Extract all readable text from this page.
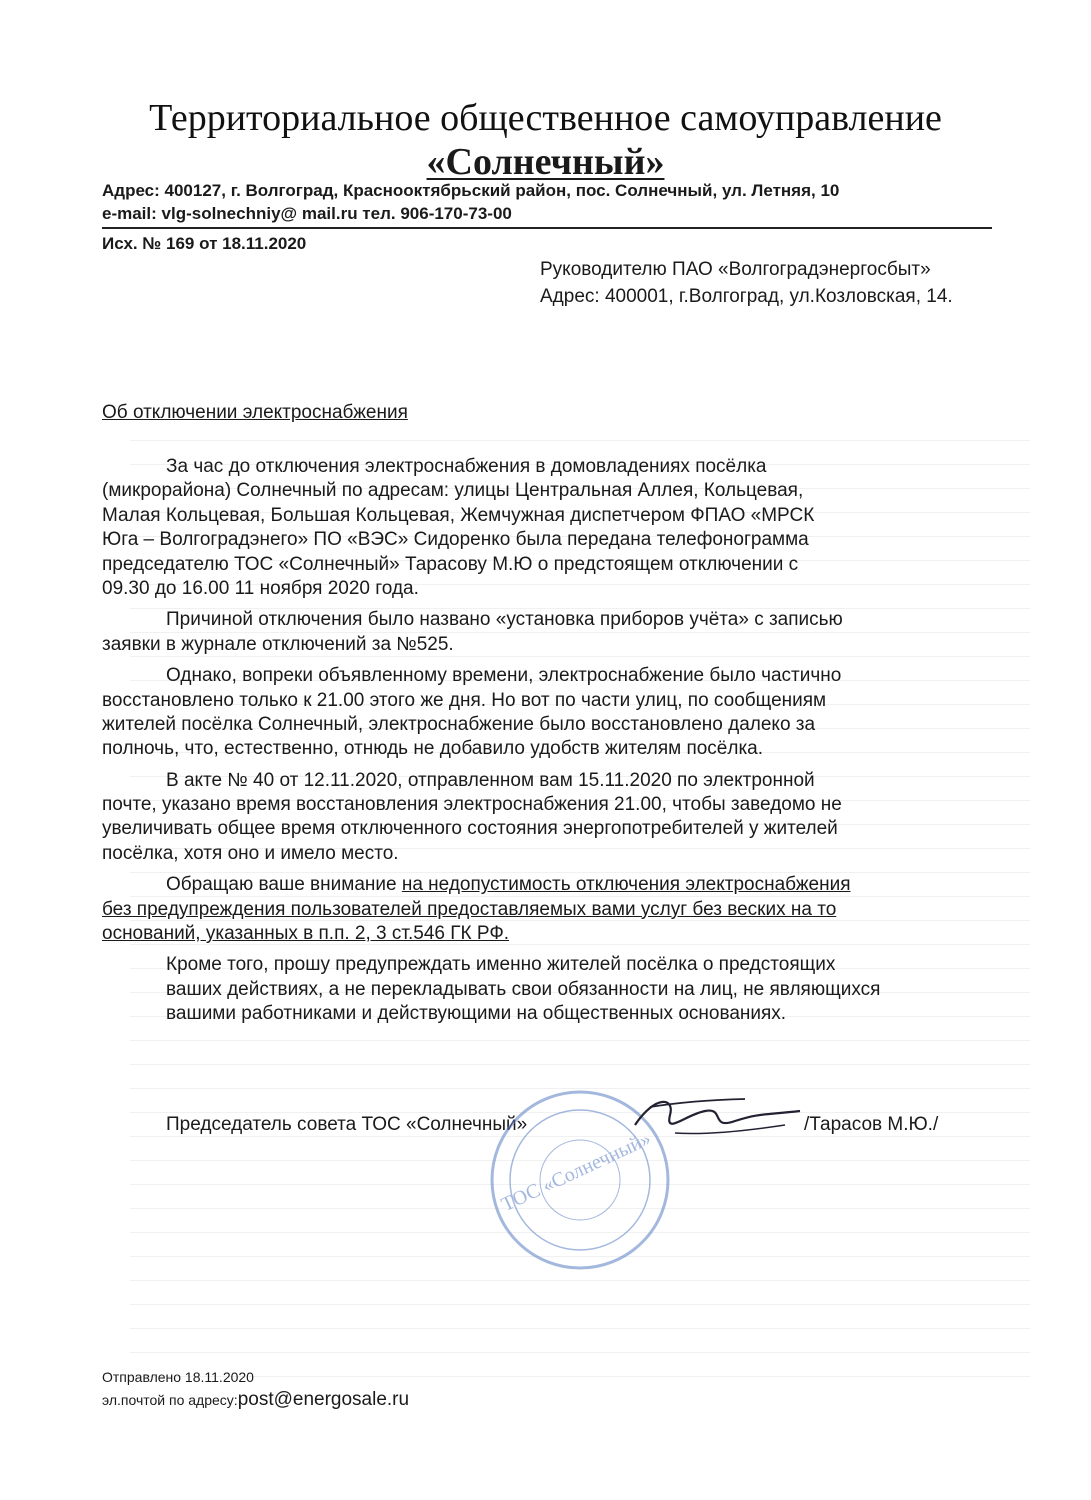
Территориальное общественное самоуправление
«Солнечный»
Адрес: 400127, г. Волгоград, Краснооктябрьский район, пос. Солнечный, ул. Летняя, 10
e-mail: vlg-solnechniy@ mail.ru тел. 906-170-73-00
Исх. № 169 от 18.11.2020
Руководителю ПАО «Волгоградэнергосбыт»
Адрес: 400001, г.Волгоград, ул.Козловская, 14.
Об отключении электроснабжения
За час до отключения электроснабжения в домовладениях посёлка
(микрорайона) Солнечный по адресам: улицы Центральная Аллея, Кольцевая,
Малая Кольцевая, Большая Кольцевая, Жемчужная диспетчером ФПАО «МРСК
Юга – Волгоградэнего» ПО «ВЭС» Сидоренко была передана телефонограмма
председателю ТОС «Солнечный» Тарасову М.Ю о предстоящем отключении с
09.30 до 16.00 11 ноября 2020 года.
Причиной отключения было названо «установка приборов учёта» с записью
заявки в журнале отключений за №525.
Однако, вопреки объявленному времени, электроснабжение было частично
восстановлено только к 21.00 этого же дня. Но вот по части улиц, по сообщениям
жителей посёлка Солнечный, электроснабжение было восстановлено далеко за
полночь, что, естественно, отнюдь не добавило удобств жителям посёлка.
В акте № 40 от 12.11.2020, отправленном вам 15.11.2020 по электронной
почте, указано время восстановления электроснабжения 21.00, чтобы заведомо не
увеличивать общее время отключенного состояния энергопотребителей у жителей
посёлка, хотя оно и имело место.
Обращаю ваше внимание на недопустимость отключения электроснабжения
без предупреждения пользователей предоставляемых вами услуг без веских на то
оснований, указанных в п.п. 2, 3 ст.546 ГК РФ.
Кроме того, прошу предупреждать именно жителей посёлка о предстоящих
ваших действиях, а не перекладывать свои обязанности на лиц, не являющихся
вашими работниками и действующими на общественных основаниях.
Председатель совета ТОС «Солнечный»
ТОС «Солнечный»
/Тарасов М.Ю./
Отправлено 18.11.2020
эл.почтой по адресу:post@energosale.ru
